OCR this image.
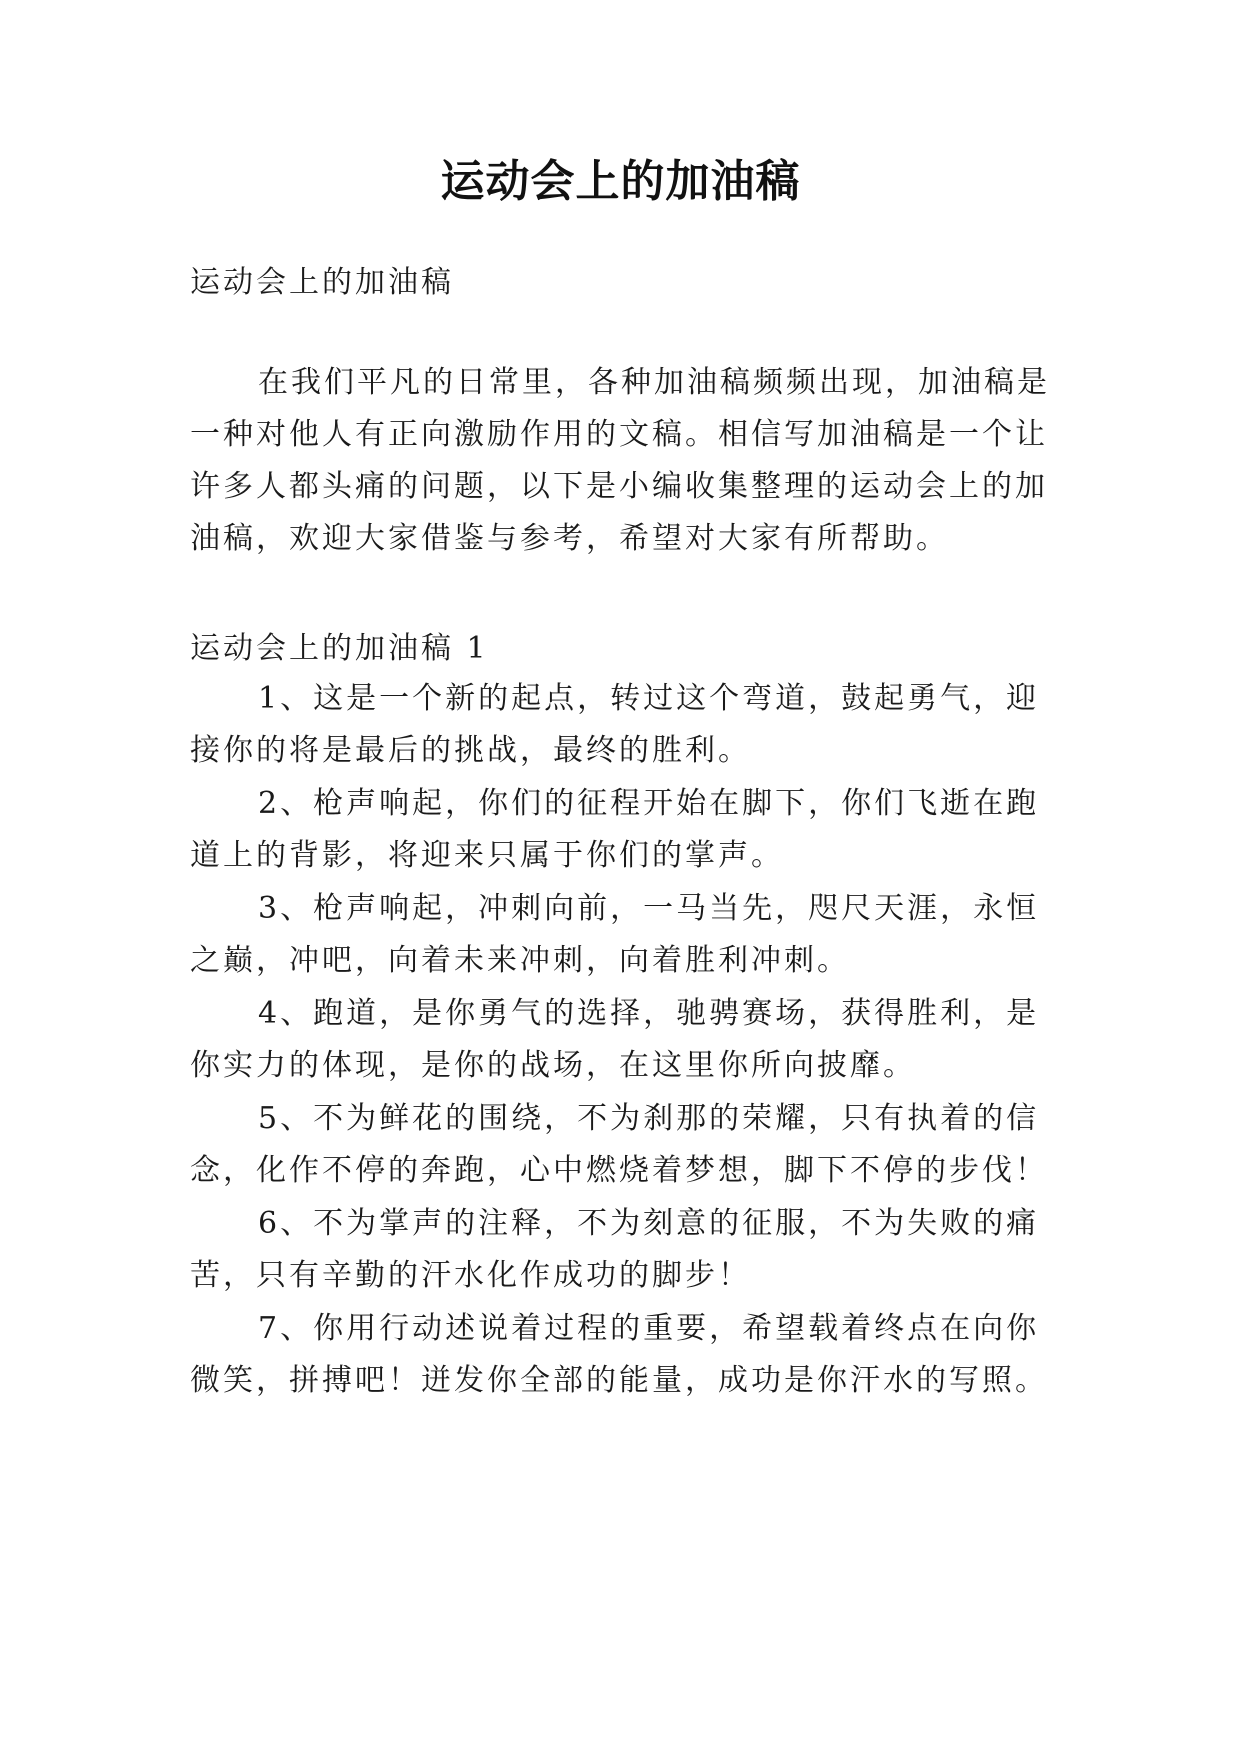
运动会上的加油稿

运动会上的加油稿

在我们平凡的日常里，各种加油稿频频出现，加油稿是
一种对他人有正向激励作用的文稿。相信写加油稿是一个让
许多人都头痛的问题，以下是小编收集整理的运动会上的加
油稿，欢迎大家借鉴与参考，希望对大家有所帮助。

运动会上的加油稿 1

1、这是一个新的起点，转过这个弯道，鼓起勇气，迎
接你的将是最后的挑战，最终的胜利。

2、枪声响起，你们的征程开始在脚下，你们飞逝在跑
道上的背影，将迎来只属于你们的掌声。

3、枪声响起，冲刺向前，一马当先，咫尺天涯，永恒
之巅，冲吧，向着未来冲刺，向着胜利冲刺。

4、跑道，是你勇气的选择，驰骋赛场，获得胜利，是
你实力的体现，是你的战场，在这里你所向披靡。

5、不为鲜花的围绕，不为刹那的荣耀，只有执着的信
念，化作不停的奔跑，心中燃烧着梦想，脚下不停的步伐！

6、不为掌声的注释，不为刻意的征服，不为失败的痛
苦，只有辛勤的汗水化作成功的脚步！

7、你用行动述说着过程的重要，希望载着终点在向你
微笑，拼搏吧！迸发你全部的能量，成功是你汗水的写照。
